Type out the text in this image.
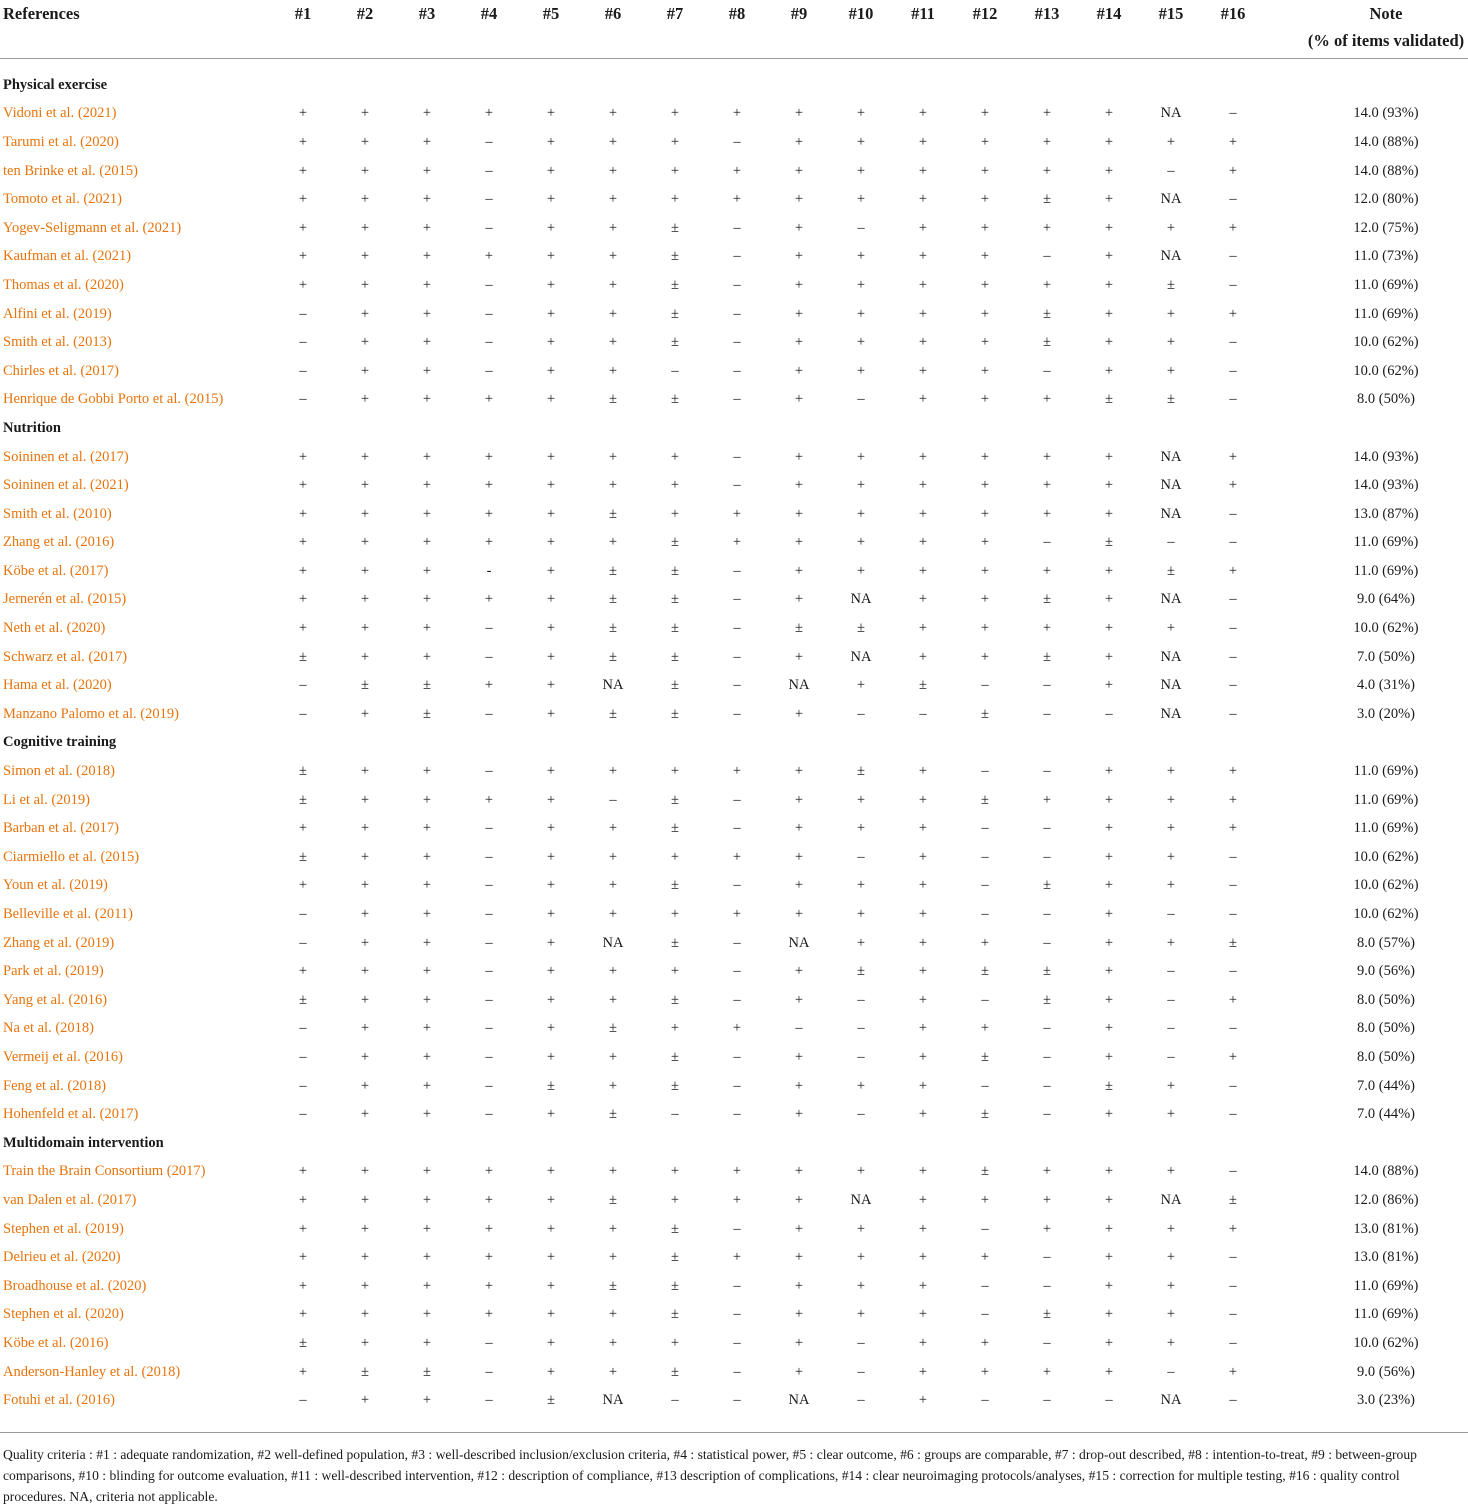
References	#1	#2	#3	#4	#5	#6	#7	#8	#9	#10	#11	#12	#13	#14	#15	#16	Note
(% of items validated)

Physical exercise																	
Vidoni et al. (2021)	+	+	+	+	+	+	+	+	+	+	+	+	+	+	NA	–	14.0 (93%)
Tarumi et al. (2020)	+	+	+	–	+	+	+	–	+	+	+	+	+	+	+	+	14.0 (88%)
ten Brinke et al. (2015)	+	+	+	–	+	+	+	+	+	+	+	+	+	+	–	+	14.0 (88%)
Tomoto et al. (2021)	+	+	+	–	+	+	+	+	+	+	+	+	±	+	NA	–	12.0 (80%)
Yogev-Seligmann et al. (2021)	+	+	+	–	+	+	±	–	+	–	+	+	+	+	+	+	12.0 (75%)
Kaufman et al. (2021)	+	+	+	+	+	+	±	–	+	+	+	+	–	+	NA	–	11.0 (73%)
Thomas et al. (2020)	+	+	+	–	+	+	±	–	+	+	+	+	+	+	±	–	11.0 (69%)
Alfini et al. (2019)	–	+	+	–	+	+	±	–	+	+	+	+	±	+	+	+	11.0 (69%)
Smith et al. (2013)	–	+	+	–	+	+	±	–	+	+	+	+	±	+	+	–	10.0 (62%)
Chirles et al. (2017)	–	+	+	–	+	+	–	–	+	+	+	+	–	+	+	–	10.0 (62%)
Henrique de Gobbi Porto et al. (2015)	–	+	+	+	+	±	±	–	+	–	+	+	+	±	±	–	8.0 (50%)
Nutrition																	
Soininen et al. (2017)	+	+	+	+	+	+	+	–	+	+	+	+	+	+	NA	+	14.0 (93%)
Soininen et al. (2021)	+	+	+	+	+	+	+	–	+	+	+	+	+	+	NA	+	14.0 (93%)
Smith et al. (2010)	+	+	+	+	+	±	+	+	+	+	+	+	+	+	NA	–	13.0 (87%)
Zhang et al. (2016)	+	+	+	+	+	+	±	+	+	+	+	+	–	±	–	–	11.0 (69%)
Köbe et al. (2017)	+	+	+	-	+	±	±	–	+	+	+	+	+	+	±	+	11.0 (69%)
Jernerén et al. (2015)	+	+	+	+	+	±	±	–	+	NA	+	+	±	+	NA	–	9.0 (64%)
Neth et al. (2020)	+	+	+	–	+	±	±	–	±	±	+	+	+	+	+	–	10.0 (62%)
Schwarz et al. (2017)	±	+	+	–	+	±	±	–	+	NA	+	+	±	+	NA	–	7.0 (50%)
Hama et al. (2020)	–	±	±	+	+	NA	±	–	NA	+	±	–	–	+	NA	–	4.0 (31%)
Manzano Palomo et al. (2019)	–	+	±	–	+	±	±	–	+	–	–	±	–	–	NA	–	3.0 (20%)
Cognitive training																	
Simon et al. (2018)	±	+	+	–	+	+	+	+	+	±	+	–	–	+	+	+	11.0 (69%)
Li et al. (2019)	±	+	+	+	+	–	±	–	+	+	+	±	+	+	+	+	11.0 (69%)
Barban et al. (2017)	+	+	+	–	+	+	±	–	+	+	+	–	–	+	+	+	11.0 (69%)
Ciarmiello et al. (2015)	±	+	+	–	+	+	+	+	+	–	+	–	–	+	+	–	10.0 (62%)
Youn et al. (2019)	+	+	+	–	+	+	±	–	+	+	+	–	±	+	+	–	10.0 (62%)
Belleville et al. (2011)	–	+	+	–	+	+	+	+	+	+	+	–	–	+	–	–	10.0 (62%)
Zhang et al. (2019)	–	+	+	–	+	NA	±	–	NA	+	+	+	–	+	+	±	8.0 (57%)
Park et al. (2019)	+	+	+	–	+	+	+	–	+	±	+	±	±	+	–	–	9.0 (56%)
Yang et al. (2016)	±	+	+	–	+	+	±	–	+	–	+	–	±	+	–	+	8.0 (50%)
Na et al. (2018)	–	+	+	–	+	±	+	+	–	–	+	+	–	+	–	–	8.0 (50%)
Vermeij et al. (2016)	–	+	+	–	+	+	±	–	+	–	+	±	–	+	–	+	8.0 (50%)
Feng et al. (2018)	–	+	+	–	±	+	±	–	+	+	+	–	–	±	+	–	7.0 (44%)
Hohenfeld et al. (2017)	–	+	+	–	+	±	–	–	+	–	+	±	–	+	+	–	7.0 (44%)
Multidomain intervention																	
Train the Brain Consortium (2017)	+	+	+	+	+	+	+	+	+	+	+	±	+	+	+	–	14.0 (88%)
van Dalen et al. (2017)	+	+	+	+	+	±	+	+	+	NA	+	+	+	+	NA	±	12.0 (86%)
Stephen et al. (2019)	+	+	+	+	+	+	±	–	+	+	+	–	+	+	+	+	13.0 (81%)
Delrieu et al. (2020)	+	+	+	+	+	+	±	+	+	+	+	+	–	+	+	–	13.0 (81%)
Broadhouse et al. (2020)	+	+	+	+	+	±	±	–	+	+	+	–	–	+	+	–	11.0 (69%)
Stephen et al. (2020)	+	+	+	+	+	+	±	–	+	+	+	–	±	+	+	–	11.0 (69%)
Köbe et al. (2016)	±	+	+	–	+	+	+	–	+	–	+	+	–	+	+	–	10.0 (62%)
Anderson-Hanley et al. (2018)	+	±	±	–	+	+	±	–	+	–	+	+	+	+	–	+	9.0 (56%)
Fotuhi et al. (2016)	–	+	+	–	±	NA	–	–	NA	–	+	–	–	–	NA	–	3.0 (23%)
Quality criteria : #1 : adequate randomization, #2 well-defined population, #3 : well-described inclusion/exclusion criteria, #4 : statistical power, #5 : clear outcome, #6 : groups are comparable, #7 : drop-out described, #8 : intention-to-treat, #9 : between-group comparisons, #10 : blinding for outcome evaluation, #11 : well-described intervention, #12 : description of compliance, #13 description of complications, #14 : clear neuroimaging protocols/analyses, #15 : correction for multiple testing, #16 : quality control procedures. NA, criteria not applicable.
